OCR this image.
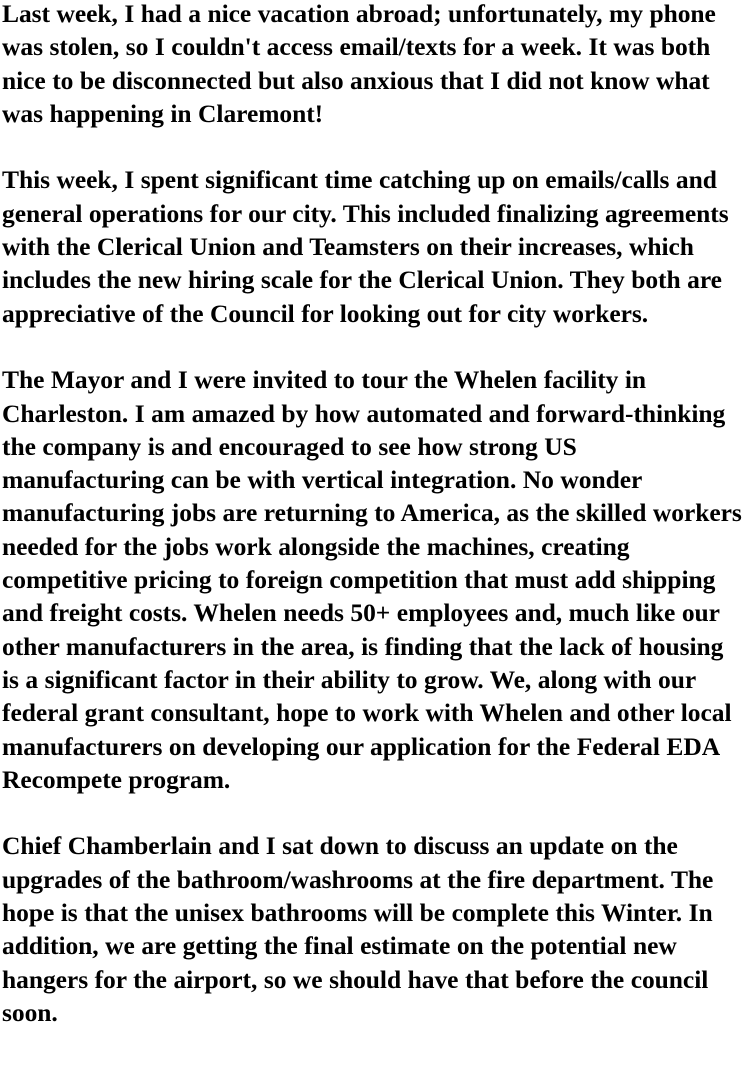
Last week, I had a nice vacation abroad; unfortunately, my phone was stolen, so I couldn't access email/texts for a week. It was both nice to be disconnected but also anxious that I did not know what was happening in Claremont!

This week, I spent significant time catching up on emails/calls and general operations for our city. This included finalizing agreements with the Clerical Union and Teamsters on their increases, which includes the new hiring scale for the Clerical Union. They both are appreciative of the Council for looking out for city workers.

The Mayor and I were invited to tour the Whelen facility in Charleston. I am amazed by how automated and forward-thinking the company is and encouraged to see how strong US manufacturing can be with vertical integration. No wonder manufacturing jobs are returning to America, as the skilled workers needed for the jobs work alongside the machines, creating competitive pricing to foreign competition that must add shipping and freight costs. Whelen needs 50+ employees and, much like our other manufacturers in the area, is finding that the lack of housing is a significant factor in their ability to grow. We, along with our federal grant consultant, hope to work with Whelen and other local manufacturers on developing our application for the Federal EDA Recompete program.

Chief Chamberlain and I sat down to discuss an update on the upgrades of the bathroom/washrooms at the fire department. The hope is that the unisex bathrooms will be complete this Winter. In addition, we are getting the final estimate on the potential new hangers for the airport, so we should have that before the council soon.
